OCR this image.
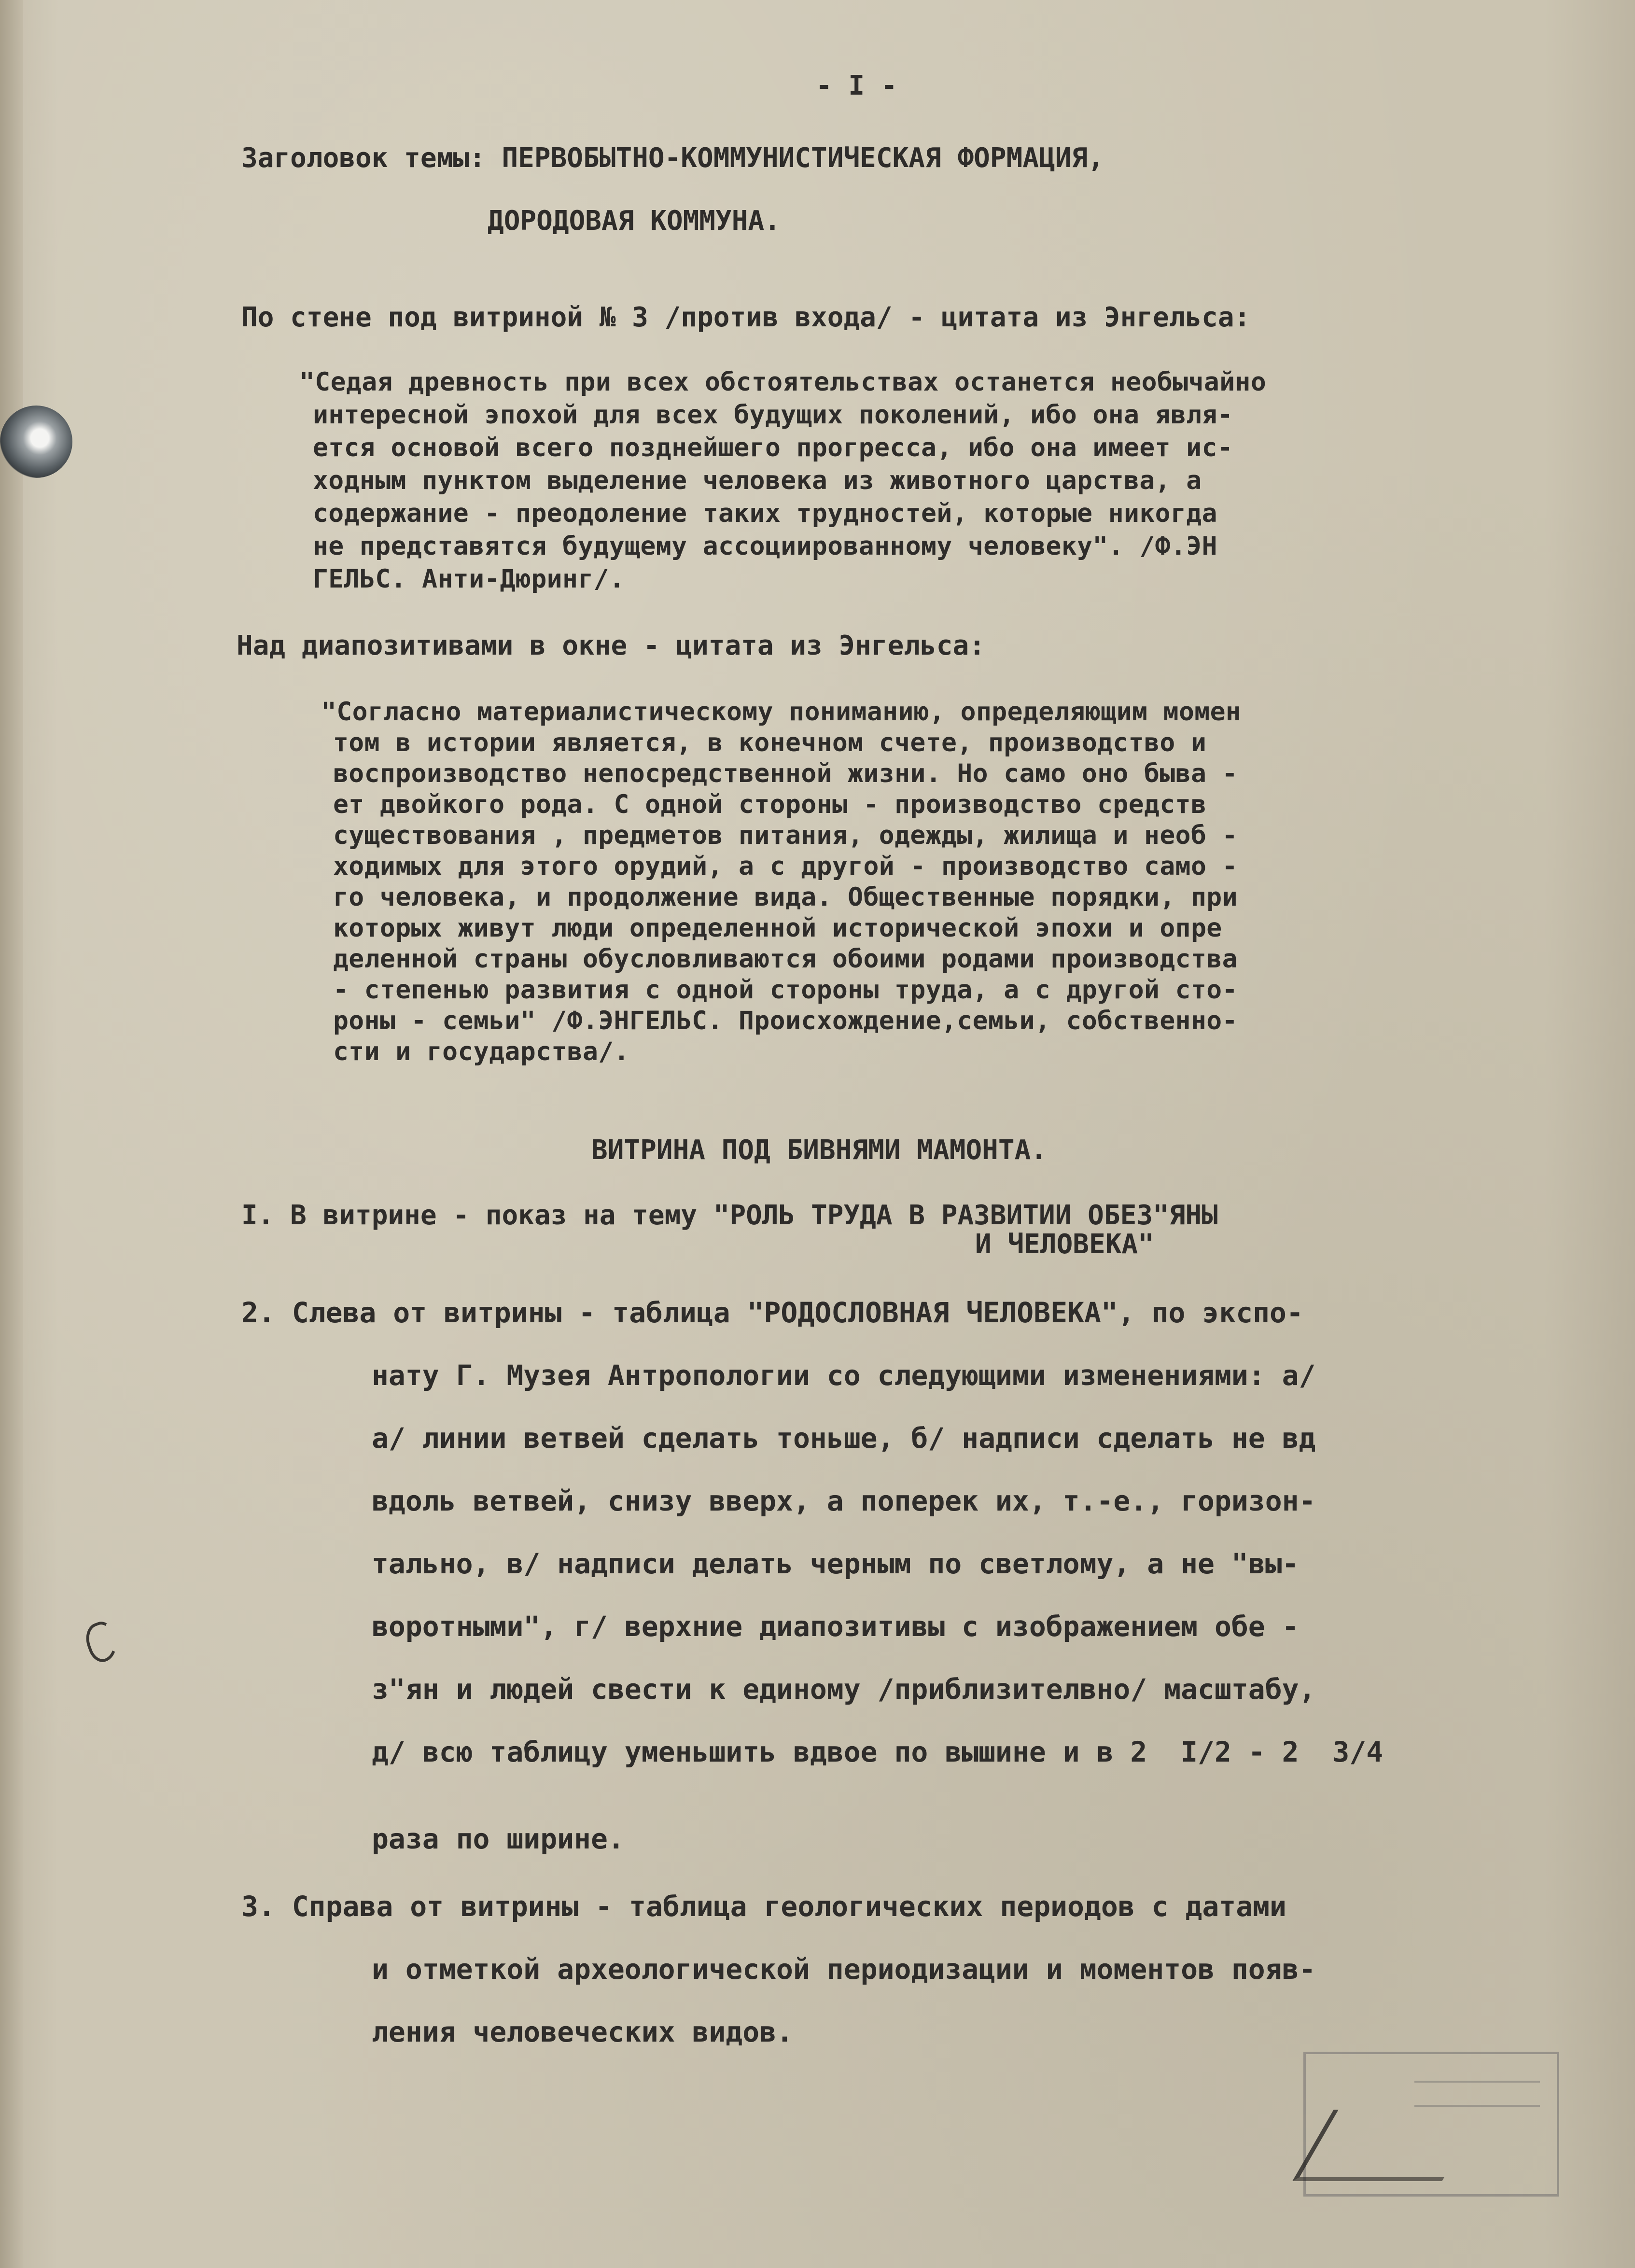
- I -

Заголовок темы: ПЕРВОБЫТНО-КОММУНИСТИЧЕСКАЯ ФОРМАЦИЯ,

ДОРОДОВАЯ КОММУНА.

По стене под витриной № 3 /против входа/ - цитата из Энгельса:

"Седая древность при всех обстоятельствах останется необычайно

интересной эпохой для всех будущих поколений, ибо она явля-

ется основой всего позднейшего прогресса, ибо она имеет ис-

ходным пунктом выделение человека из животного царства, а

содержание - преодоление таких трудностей, которые никогда

не представятся будущему ассоциированному человеку". /Ф.ЭН

ГЕЛЬС. Анти-Дюринг/.

Над диапозитивами в окне - цитата из Энгельса:

"Согласно материалистическому пониманию, определяющим момен

том в истории является, в конечном счете, производство и

воспроизводство непосредственной жизни. Но само оно быва -

ет двойкого рода. С одной стороны - производство средств

существования , предметов питания, одежды, жилища и необ -

ходимых для этого орудий, а с другой - производство само -

го человека, и продолжение вида. Общественные порядки, при

которых живут люди определенной исторической эпохи и опре

деленной страны обусловливаются обоими родами производства

- степенью развития с одной стороны труда, а с другой сто-

роны - семьи" /Ф.ЭНГЕЛЬС. Происхождение,семьи, собственно-

сти и государства/.

ВИТРИНА ПОД БИВНЯМИ МАМОНТА.

I. В витрине - показ на тему "РОЛЬ ТРУДА В РАЗВИТИИ ОБЕЗ"ЯНЫ

И ЧЕЛОВЕКА"

2. Слева от витрины - таблица "РОДОСЛОВНАЯ ЧЕЛОВЕКА", по экспо-

нату Г. Музея Антропологии со следующими изменениями: а/

а/ линии ветвей сделать тоньше, б/ надписи сделать не вд

вдоль ветвей, снизу вверх, а поперек их, т.-е., горизон-

тально, в/ надписи делать черным по светлому, а не "вы-

воротными", г/ верхние диапозитивы с изображением обе -

з"ян и людей свести к единому /приблизителвно/ масштабу,

д/ всю таблицу уменьшить вдвое по вышине и в 2  I/2 - 2  3/4

раза по ширине.

3. Справа от витрины - таблица геологических периодов с датами

и отметкой археологической периодизации и моментов появ-

ления человеческих видов.
